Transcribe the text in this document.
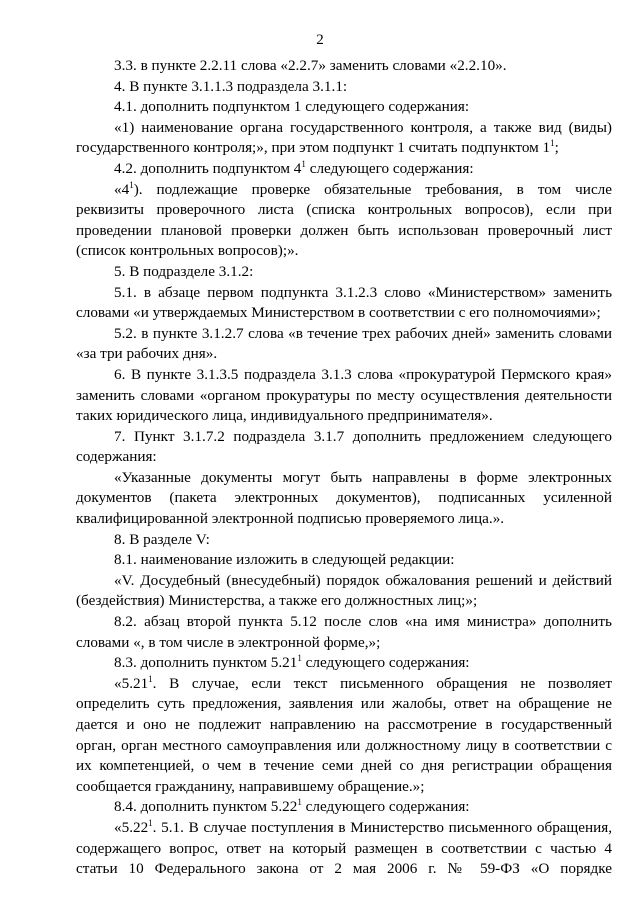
2
3.3. в пункте 2.2.11 слова «2.2.7» заменить словами «2.2.10».
4. В пункте 3.1.1.3 подраздела 3.1.1:
4.1. дополнить подпунктом 1 следующего содержания:
«1) наименование органа государственного контроля, а также вид (виды)
государственного контроля;», при этом подпункт 1 считать подпунктом $1^1$;
4.2. дополнить подпунктом $4^1$ следующего содержания:
«$4^1$). подлежащие проверке обязательные требования, в том числе
реквизиты проверочного листа (списка контрольных вопросов), если при
проведении плановой проверки должен быть использован проверочный лист
(список контрольных вопросов);».
5. В подразделе 3.1.2:
5.1. в абзаце первом подпункта 3.1.2.3 слово «Министерством» заменить
словами «и утверждаемых Министерством в соответствии с его полномочиями»;
5.2. в пункте 3.1.2.7 слова «в течение трех рабочих дней» заменить словами
«за три рабочих дня».
6. В пункте 3.1.3.5 подраздела 3.1.3 слова «прокуратурой Пермского края»
заменить словами «органом прокуратуры по месту осуществления деятельности
таких юридического лица, индивидуального предпринимателя».
7. Пункт 3.1.7.2 подраздела 3.1.7 дополнить предложением следующего
содержания:
«Указанные документы могут быть направлены в форме электронных
документов (пакета электронных документов), подписанных усиленной
квалифицированной электронной подписью проверяемого лица.».
8. В разделе V:
8.1. наименование изложить в следующей редакции:
«V. Досудебный (внесудебный) порядок обжалования решений и действий
(бездействия) Министерства, а также его должностных лиц;»;
8.2. абзац второй пункта 5.12 после слов «на имя министра» дополнить
словами «, в том числе в электронной форме,»;
8.3. дополнить пунктом 5.21$^1$ следующего содержания:
«5.21$^1$. В случае, если текст письменного обращения не позволяет
определить суть предложения, заявления или жалобы, ответ на обращение не
дается и оно не подлежит направлению на рассмотрение в государственный
орган, орган местного самоуправления или должностному лицу в соответствии с
их компетенцией, о чем в течение семи дней со дня регистрации обращения
сообщается гражданину, направившему обращение.»;
8.4. дополнить пунктом 5.22$^1$ следующего содержания:
«5.22$^1$. 5.1. В случае поступления в Министерство письменного обращения,
содержащего вопрос, ответ на который размещен в соответствии с частью 4
статьи 10 Федерального закона от 2 мая 2006 г. № 59-ФЗ «О порядке
